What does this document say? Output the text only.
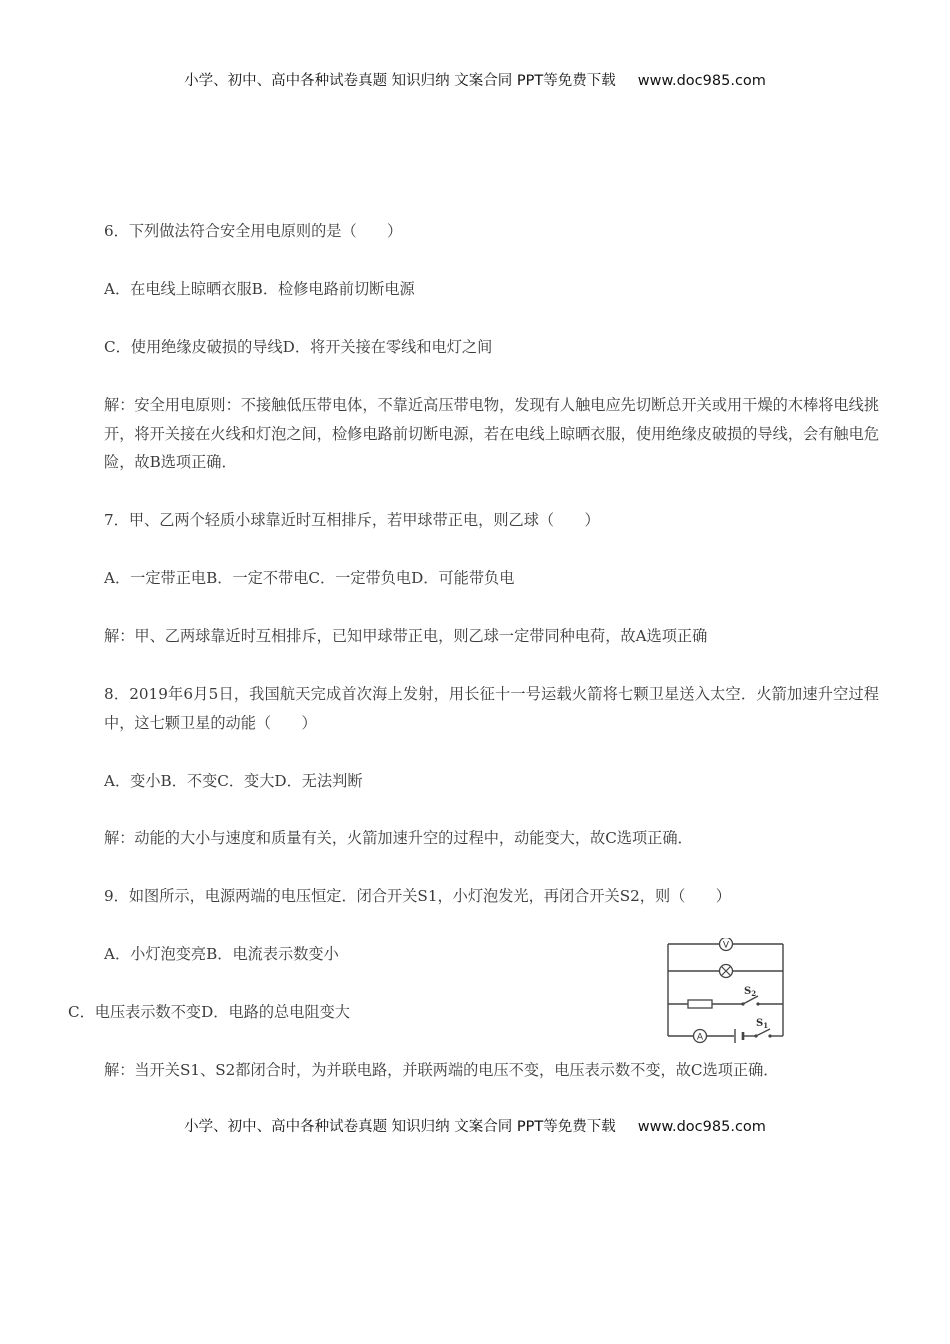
小学、初中、高中各种试卷真题 知识归纳 文案合同 PPT等免费下载 www.doc985.com
6．下列做法符合安全用电原则的是（　　）
A．在电线上晾晒衣服B．检修电路前切断电源
C．使用绝缘皮破损的导线D．将开关接在零线和电灯之间
解：安全用电原则：不接触低压带电体，不靠近高压带电物，发现有人触电应先切断总开关或用干燥的木棒将电线挑开，将开关接在火线和灯泡之间，检修电路前切断电源，若在电线上晾晒衣服，使用绝缘皮破损的导线，会有触电危险，故B选项正确．
7．甲、乙两个轻质小球靠近时互相排斥，若甲球带正电，则乙球（　　）
A．一定带正电B．一定不带电C．一定带负电D．可能带负电
解：甲、乙两球靠近时互相排斥，已知甲球带正电，则乙球一定带同种电荷，故A选项正确
8．2019年6月5日，我国航天完成首次海上发射，用长征十一号运载火箭将七颗卫星送入太空．火箭加速升空过程中，这七颗卫星的动能（　　）
A．变小B．不变C．变大D．无法判断
解：动能的大小与速度和质量有关，火箭加速升空的过程中，动能变大，故C选项正确．
9．如图所示，电源两端的电压恒定．闭合开关S1，小灯泡发光，再闭合开关S2，则（　　）
A．小灯泡变亮B．电流表示数变小
C．电压表示数不变D．电路的总电阻变大
解：当开关S1、S2都闭合时，为并联电路，并联两端的电压不变，电压表示数不变，故C选项正确．
V
$S_2$
A
$S_1$
小学、初中、高中各种试卷真题 知识归纳 文案合同 PPT等免费下载 www.doc985.com
